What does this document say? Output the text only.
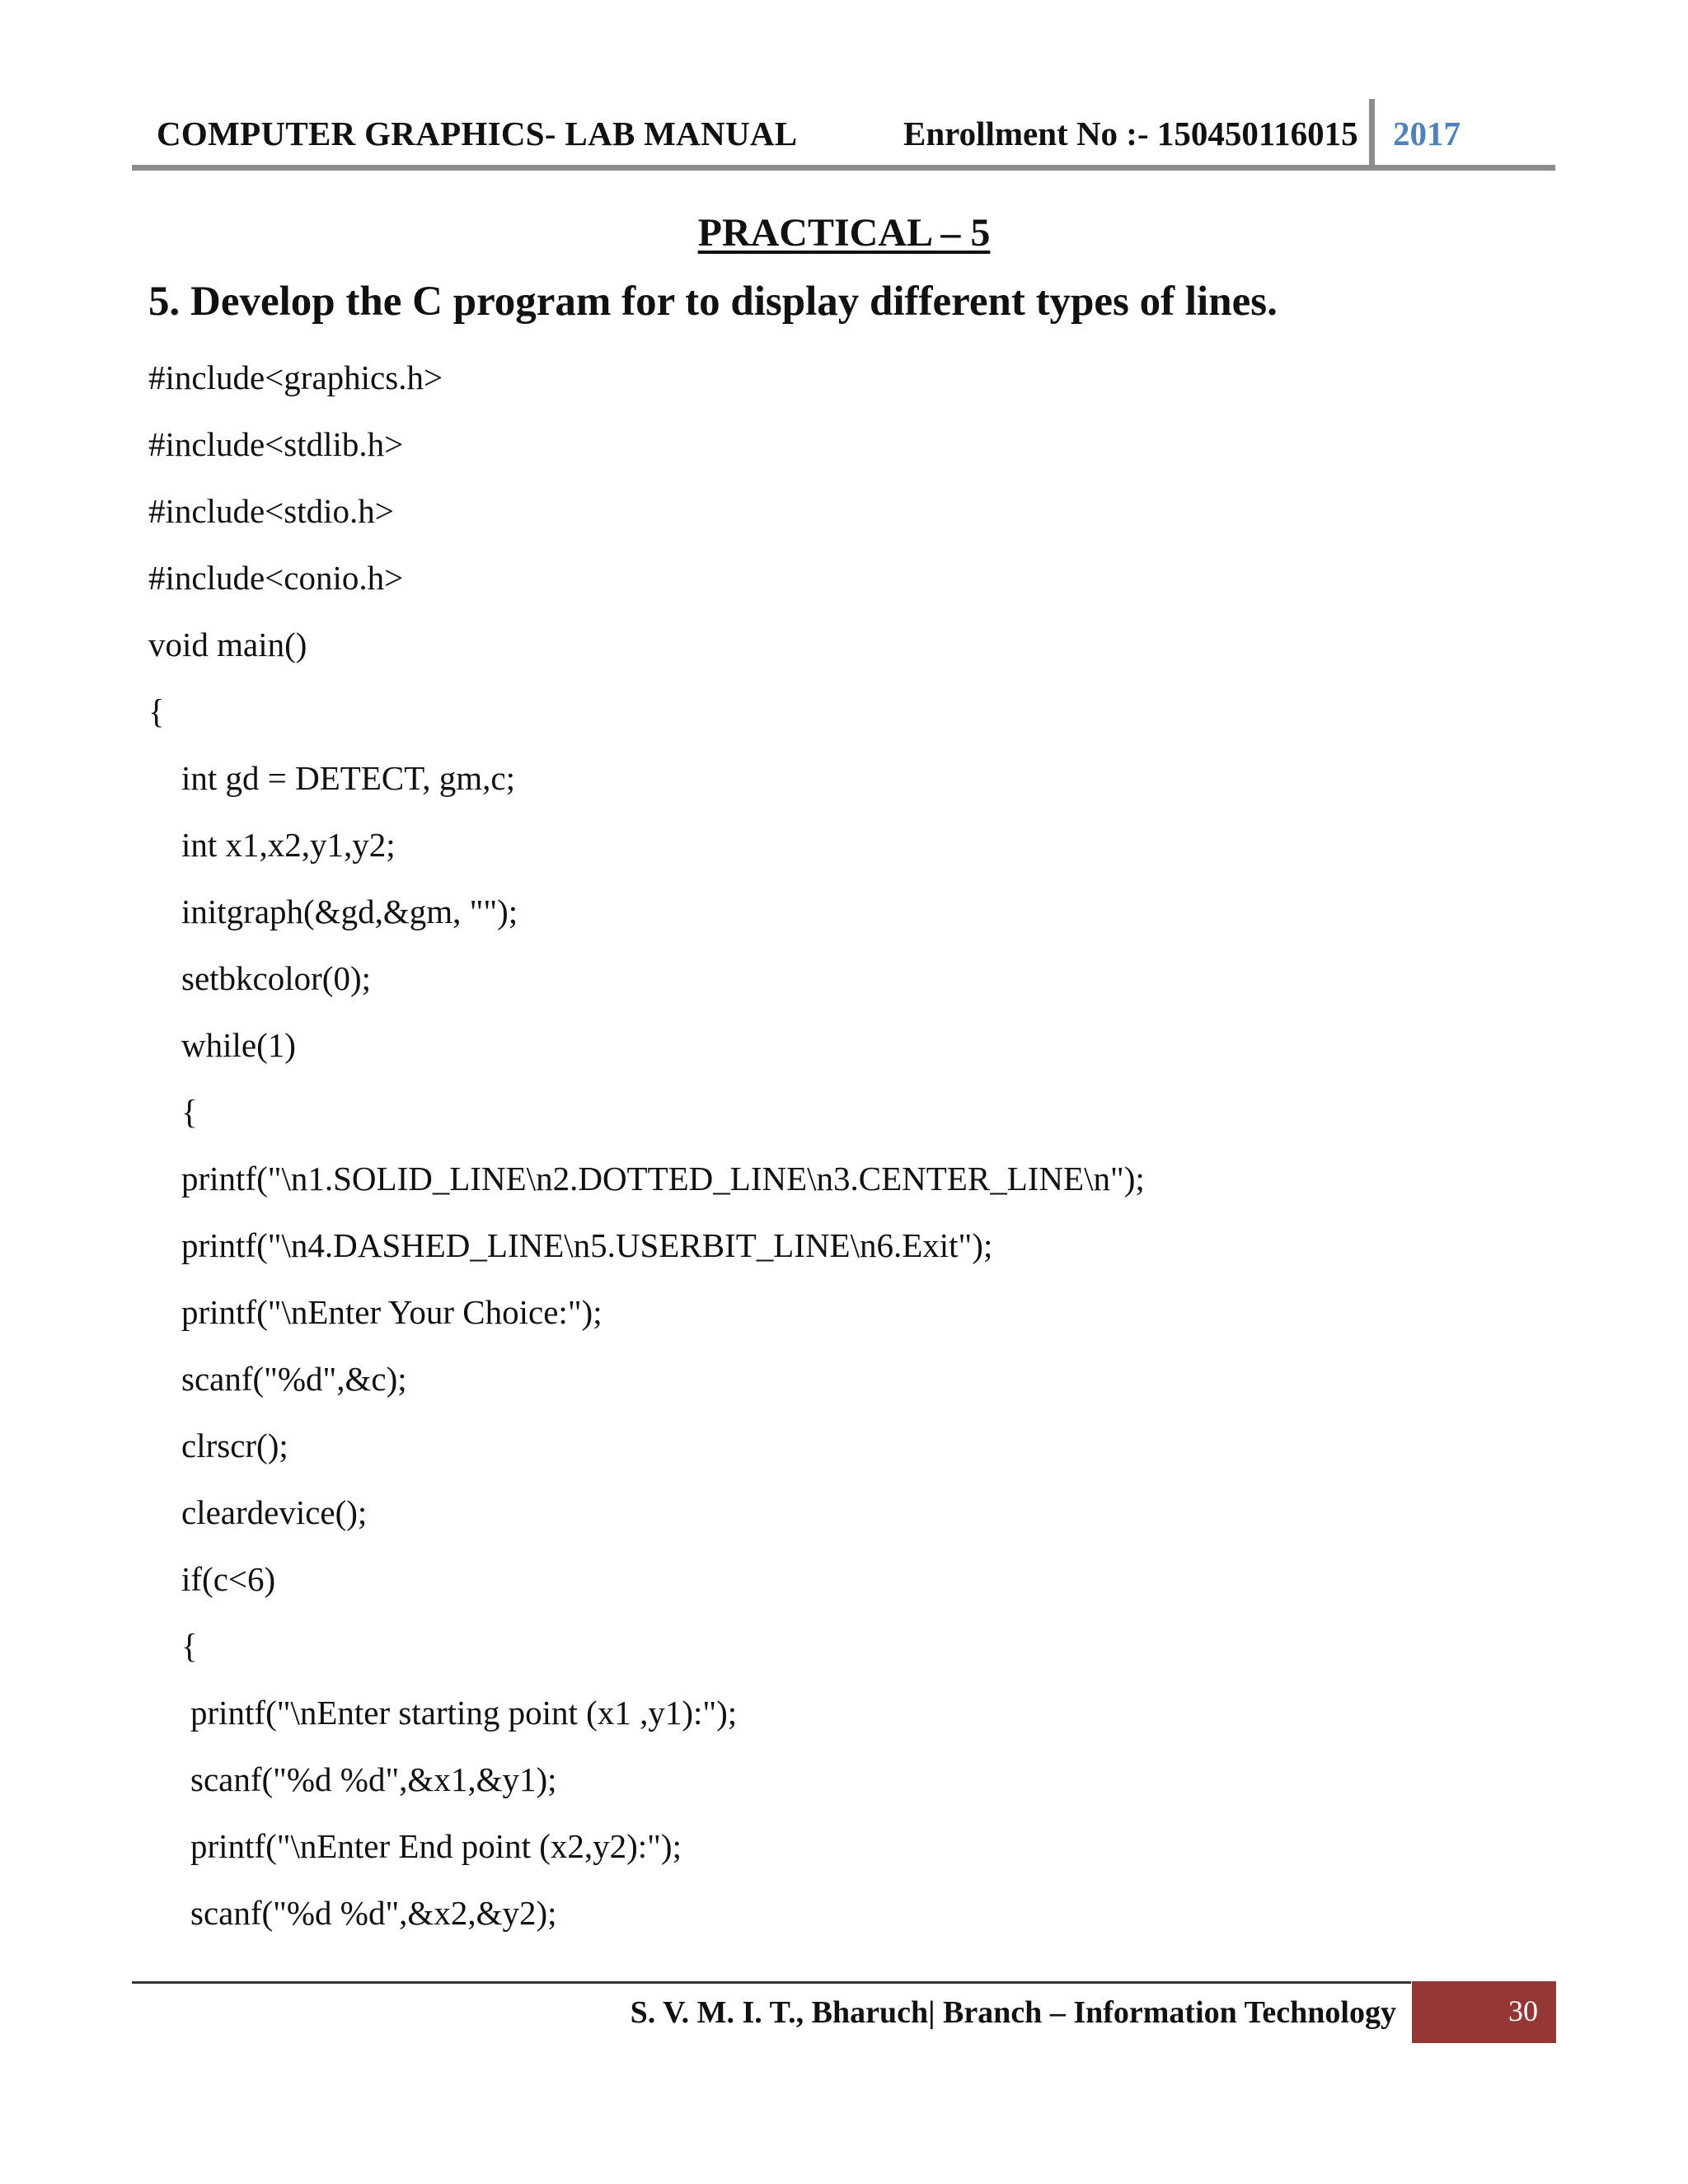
COMPUTER GRAPHICS- LAB MANUAL	Enrollment No :- 150450116015 2017
PRACTICAL – 5
5. Develop the C program for to display different types of lines.
#include<graphics.h>
#include<stdlib.h>
#include<stdio.h>
#include<conio.h>
void main()
{
int gd = DETECT, gm,c;
int x1,x2,y1,y2;
initgraph(&gd,&gm, "");
setbkcolor(0);
while(1)
{
printf("\n1.SOLID_LINE\n2.DOTTED_LINE\n3.CENTER_LINE\n");
printf("\n4.DASHED_LINE\n5.USERBIT_LINE\n6.Exit");
printf("\nEnter Your Choice:");
scanf("%d",&c);
clrscr();
cleardevice();
if(c<6)
{
printf("\nEnter starting point (x1 ,y1):");
scanf("%d %d",&x1,&y1);
printf("\nEnter End point (x2,y2):");
scanf("%d %d",&x2,&y2);
S. V. M. I. T., Bharuch| Branch – Information Technology	30
